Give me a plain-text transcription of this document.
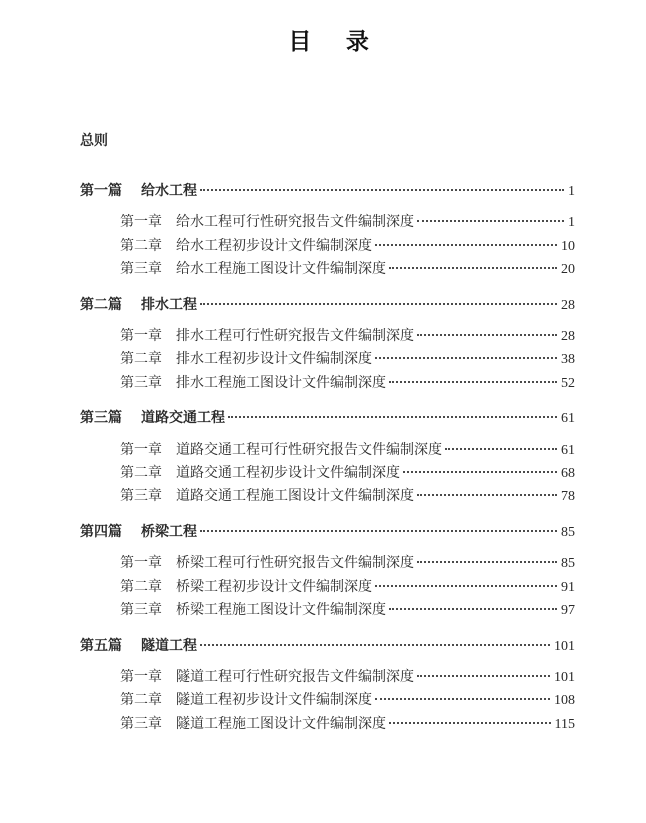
目　录
总则
第一篇 给水工程	1
第一章 给水工程可行性研究报告文件编制深度	1
第二章 给水工程初步设计文件编制深度	10
第三章 给水工程施工图设计文件编制深度	20
第二篇 排水工程	28
第一章 排水工程可行性研究报告文件编制深度	28
第二章 排水工程初步设计文件编制深度	38
第三章 排水工程施工图设计文件编制深度	52
第三篇 道路交通工程	61
第一章 道路交通工程可行性研究报告文件编制深度	61
第二章 道路交通工程初步设计文件编制深度	68
第三章 道路交通工程施工图设计文件编制深度	78
第四篇 桥梁工程	85
第一章 桥梁工程可行性研究报告文件编制深度	85
第二章 桥梁工程初步设计文件编制深度	91
第三章 桥梁工程施工图设计文件编制深度	97
第五篇 隧道工程	101
第一章 隧道工程可行性研究报告文件编制深度	101
第二章 隧道工程初步设计文件编制深度	108
第三章 隧道工程施工图设计文件编制深度	115
